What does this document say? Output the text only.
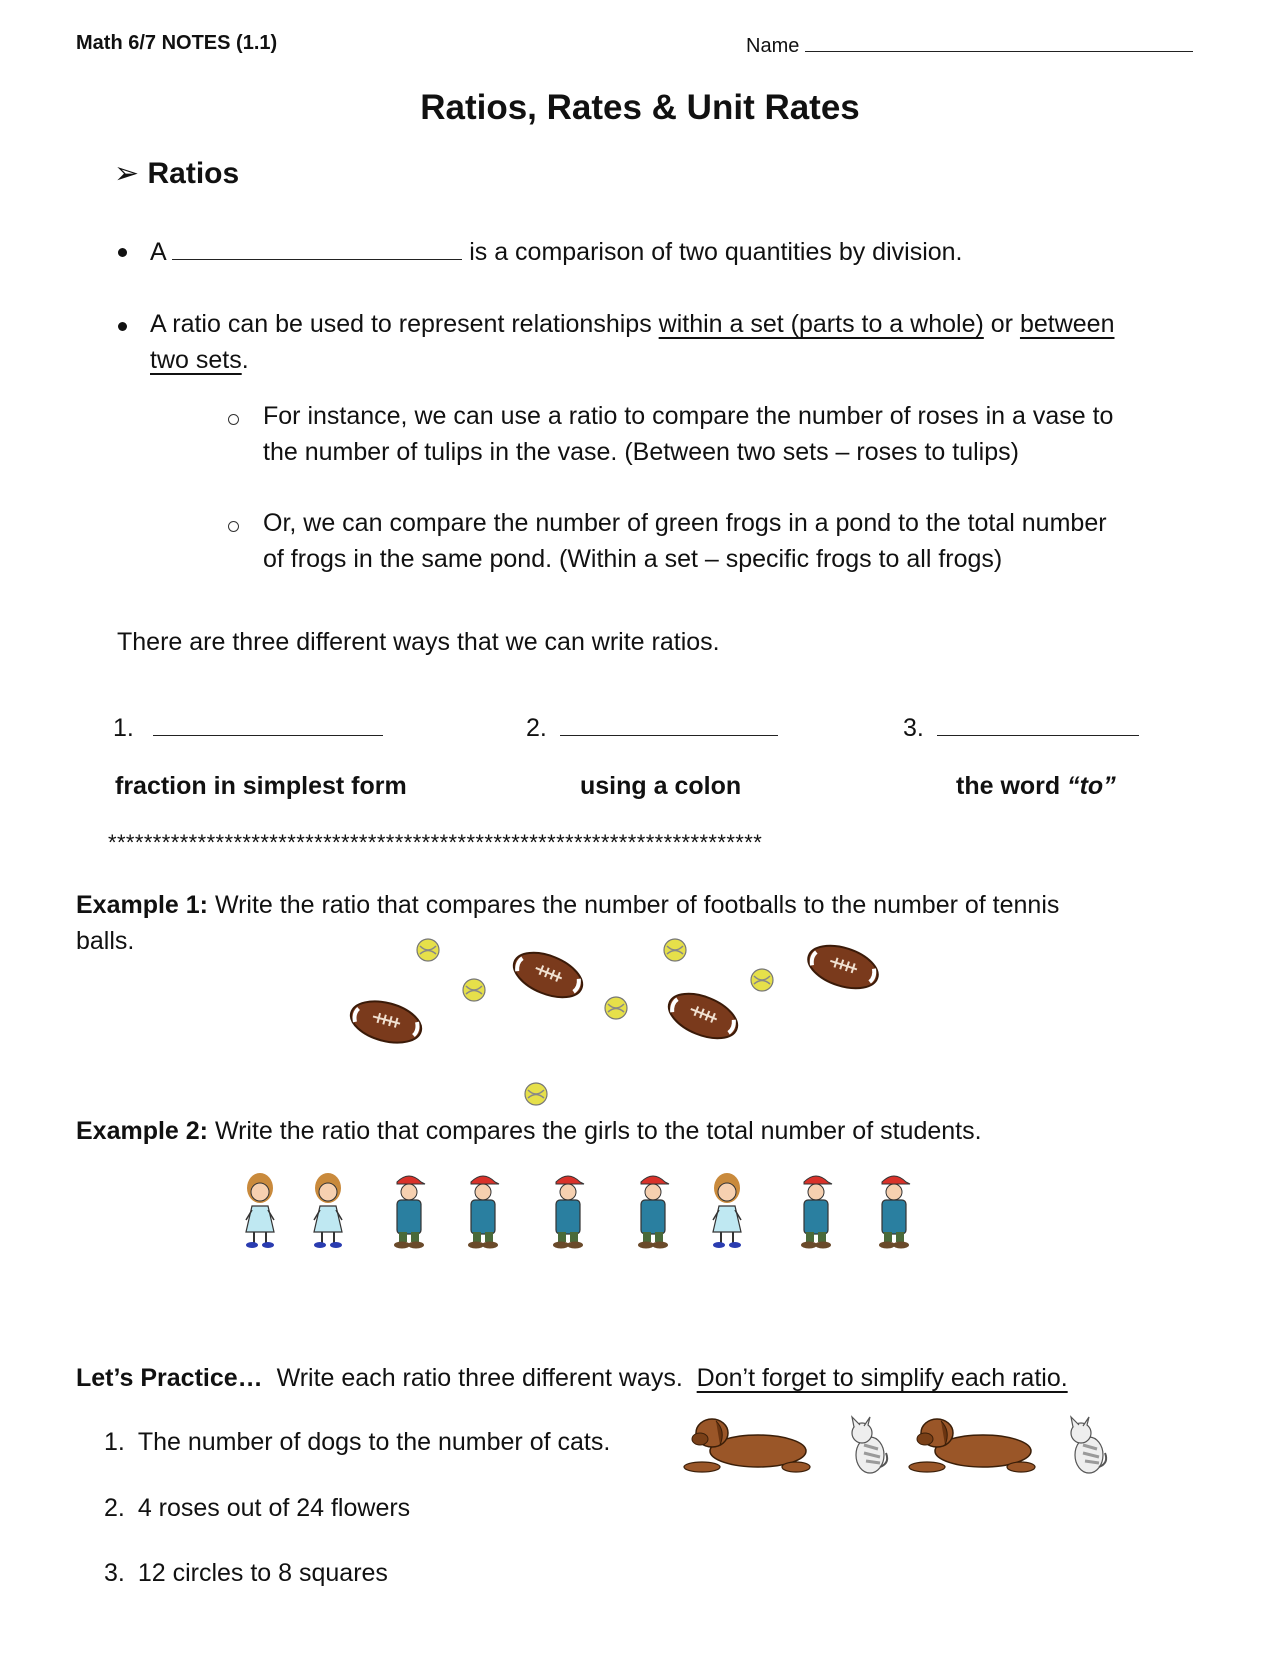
Math 6/7 NOTES (1.1)	Name
Ratios, Rates & Unit Rates
➢ Ratios
A	is a comparison of two quantities by division.
A ratio can be used to represent relationships within a set (parts to a whole) or between
two sets.
For instance, we can use a ratio to compare the number of roses in a vase to
the number of tulips in the vase. (Between two sets – roses to tulips)
Or, we can compare the number of green frogs in a pond to the total number
of frogs in the same pond. (Within a set – specific frogs to all frogs)
There are three different ways that we can write ratios.
1.	2.	3.
fraction in simplest form	using a colon	the word “to”
*************************************************************************
Example 1: Write the ratio that compares the number of footballs to the number of tennis
balls.
Example 2: Write the ratio that compares the girls to the total number of students.
Let’s Practice…  Write each ratio three different ways.  Don’t forget to simplify each ratio.
1. The number of dogs to the number of cats.
2. 4 roses out of 24 flowers
3. 12 circles to 8 squares
